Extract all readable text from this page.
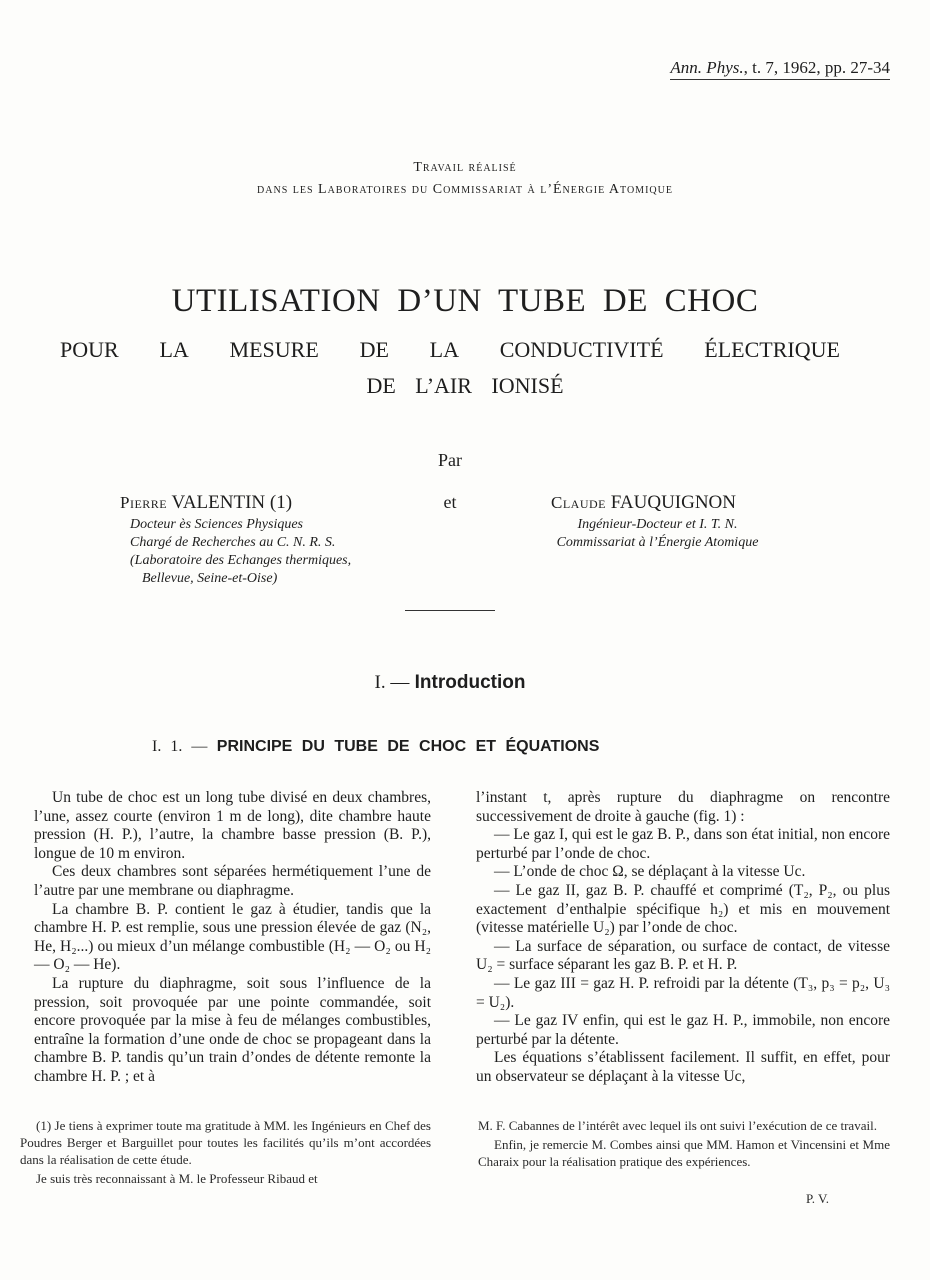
Ann. Phys., t. 7, 1962, pp. 27-34
Travail réalisé
dans les Laboratoires du Commissariat à l’Énergie Atomique
UTILISATION D’UN TUBE DE CHOC
POUR LA MESURE DE LA CONDUCTIVITÉ ÉLECTRIQUE
DE L’AIR IONISÉ
Par
Pierre VALENTIN (1)
Docteur ès Sciences Physiques
Chargé de Recherches au C. N. R. S.
(Laboratoire des Echanges thermiques,
Bellevue, Seine-et-Oise)
et	Claude FAUQUIGNON
Ingénieur-Docteur et I. T. N.
Commissariat à l’Énergie Atomique
I. — Introduction
I. 1. — PRINCIPE DU TUBE DE CHOC ET ÉQUATIONS

Un tube de choc est un long tube divisé en deux chambres, l’une, assez courte (environ 1 m de long), dite chambre haute pression (H. P.), l’autre, la chambre basse pression (B. P.), longue de 10 m environ.

Ces deux chambres sont séparées hermétiquement l’une de l’autre par une membrane ou diaphragme.

La chambre B. P. contient le gaz à étudier, tandis que la chambre H. P. est remplie, sous une pression élevée de gaz (N₂, He, H₂...) ou mieux d’un mélange combustible (H₂ — O₂ ou H₂ — O₂ — He).

La rupture du diaphragme, soit sous l’influence de la pression, soit provoquée par une pointe commandée, soit encore provoquée par la mise à feu de mélanges combustibles, entraîne la formation d’une onde de choc se propageant dans la chambre B. P. tandis qu’un train d’ondes de détente remonte la chambre H. P. ; et à

l’instant t, après rupture du diaphragme on rencontre successivement de droite à gauche (fig. 1) :

— Le gaz I, qui est le gaz B. P., dans son état initial, non encore perturbé par l’onde de choc.

— L’onde de choc Ω, se déplaçant à la vitesse Uc.

— Le gaz II, gaz B. P. chauffé et comprimé (T₂, P₂, ou plus exactement d’enthalpie spécifique h₂) et mis en mouvement (vitesse matérielle U₂) par l’onde de choc.

— La surface de séparation, ou surface de contact, de vitesse U₂ = surface séparant les gaz B. P. et H. P.

— Le gaz III = gaz H. P. refroidi par la détente (T₃, p₃ = p₂, U₃ = U₂).

— Le gaz IV enfin, qui est le gaz H. P., immobile, non encore perturbé par la détente.

Les équations s’établissent facilement. Il suffit, en effet, pour un observateur se déplaçant à la vitesse Uc,

(1) Je tiens à exprimer toute ma gratitude à MM. les Ingénieurs en Chef des Poudres Berger et Barguillet pour toutes les facilités qu’ils m’ont accordées dans la réalisation de cette étude.

Je suis très reconnaissant à M. le Professeur Ribaud et

M. F. Cabannes de l’intérêt avec lequel ils ont suivi l’exécution de ce travail.

Enfin, je remercie M. Combes ainsi que MM. Hamon et Vincensini et Mme Charaix pour la réalisation pratique des expériences.

P. V.
